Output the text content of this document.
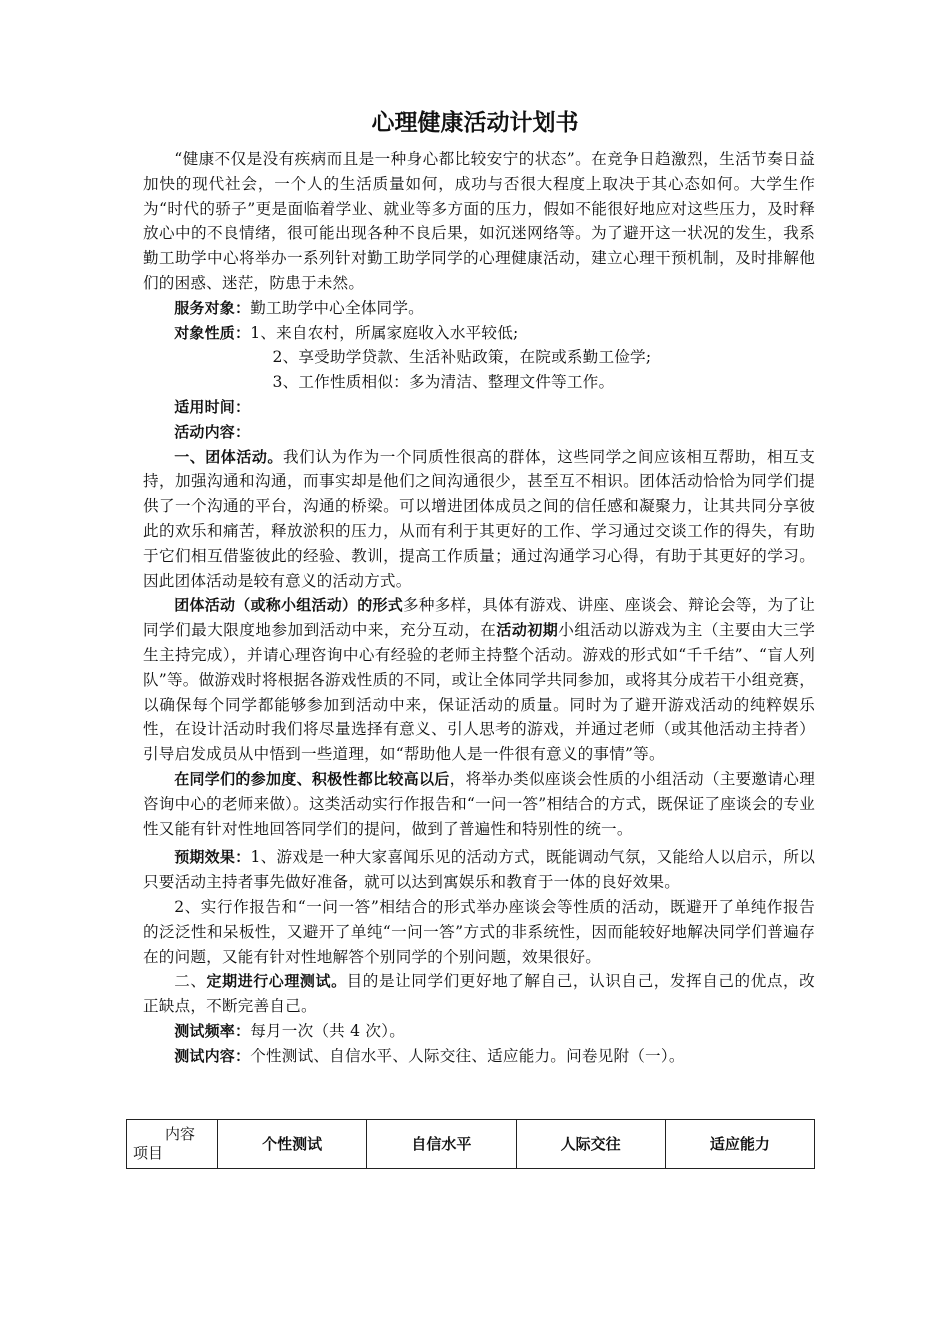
心理健康活动计划书

“健康不仅是没有疾病而且是一种身心都比较安宁的状态”。在竞争日趋激烈，生活节奏日益加快的现代社会，一个人的生活质量如何，成功与否很大程度上取决于其心态如何。大学生作为“时代的骄子”更是面临着学业、就业等多方面的压力，假如不能很好地应对这些压力，及时释放心中的不良情绪，很可能出现各种不良后果，如沉迷网络等。为了避开这一状况的发生，我系勤工助学中心将举办一系列针对勤工助学同学的心理健康活动，建立心理干预机制，及时排解他们的困惑、迷茫，防患于未然。

服务对象：勤工助学中心全体同学。

对象性质：1、来自农村，所属家庭收入水平较低;

2、享受助学贷款、生活补贴政策，在院或系勤工俭学;

3、工作性质相似：多为清洁、整理文件等工作。

适用时间：

活动内容：

一、团体活动。我们认为作为一个同质性很高的群体，这些同学之间应该相互帮助，相互支持，加强沟通和沟通，而事实却是他们之间沟通很少，甚至互不相识。团体活动恰恰为同学们提供了一个沟通的平台，沟通的桥梁。可以增进团体成员之间的信任感和凝聚力，让其共同分享彼此的欢乐和痛苦，释放淤积的压力，从而有利于其更好的工作、学习通过交谈工作的得失，有助于它们相互借鉴彼此的经验、教训，提高工作质量；通过沟通学习心得，有助于其更好的学习。因此团体活动是较有意义的活动方式。

团体活动（或称小组活动）的形式多种多样，具体有游戏、讲座、座谈会、辩论会等，为了让同学们最大限度地参加到活动中来，充分互动，在活动初期小组活动以游戏为主（主要由大三学生主持完成），并请心理咨询中心有经验的老师主持整个活动。游戏的形式如“千千结”、“盲人列队”等。做游戏时将根据各游戏性质的不同，或让全体同学共同参加，或将其分成若干小组竞赛，以确保每个同学都能够参加到活动中来，保证活动的质量。同时为了避开游戏活动的纯粹娱乐性，在设计活动时我们将尽量选择有意义、引人思考的游戏，并通过老师（或其他活动主持者）引导启发成员从中悟到一些道理，如“帮助他人是一件很有意义的事情”等。

在同学们的参加度、积极性都比较高以后，将举办类似座谈会性质的小组活动（主要邀请心理咨询中心的老师来做）。这类活动实行作报告和“一问一答”相结合的方式，既保证了座谈会的专业性又能有针对性地回答同学们的提问，做到了普遍性和特别性的统一。

预期效果：1、游戏是一种大家喜闻乐见的活动方式，既能调动气氛，又能给人以启示，所以只要活动主持者事先做好准备，就可以达到寓娱乐和教育于一体的良好效果。

2、实行作报告和“一问一答”相结合的形式举办座谈会等性质的活动，既避开了单纯作报告的泛泛性和呆板性，又避开了单纯“一问一答”方式的非系统性，因而能较好地解决同学们普遍存在的问题，又能有针对性地解答个别同学的个别问题，效果很好。

二、定期进行心理测试。目的是让同学们更好地了解自己，认识自己，发挥自己的优点，改正缺点，不断完善自己。

测试频率：每月一次（共 4 次）。

测试内容：个性测试、自信水平、人际交往、适应能力。问卷见附（一）。

内容
项目
	个性测试	自信水平	人际交往	适应能力
